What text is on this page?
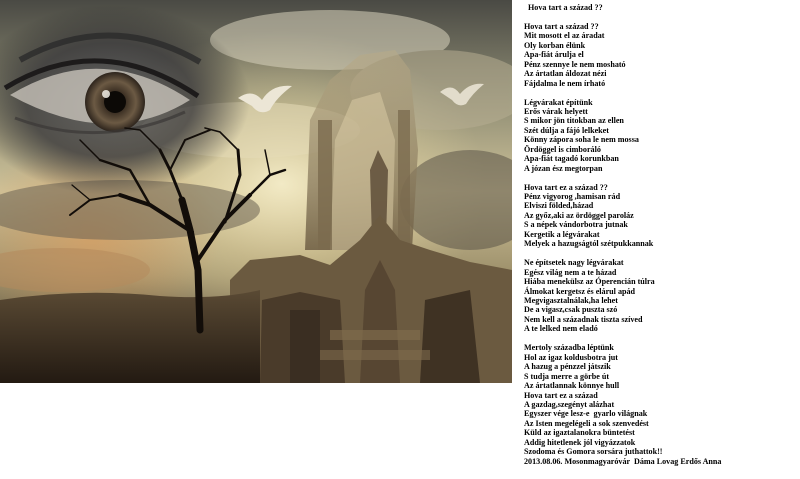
Hova tart a század ??
Hova tart a század ??
Mit mosott el az áradat
Oly korban élünk
Apa-fiát árulja el
Pénz szennye le nem mosható
Az ártatlan áldozat nézi
Fájdalma le nem írható
Légvárakat építünk
Erős várak helyett
S mikor jön titokban az ellen
Szét dúlja a fájó lelkeket
Könny zápora soha le nem mossa
Ördöggel is cimboráló
Apa-fiát tagadó korunkban
A józan ész megtorpan
Hova tart ez a század ??
Pénz vigyorog ,hamisan rád
Elviszi földed,házad
Az győz,aki az ördöggel paroláz
S a népek vándorbotra jutnak
Kergetik a légvárakat
Melyek a hazugságtól szétpukkannak
Ne építsetek nagy légvárakat
Egész világ nem a te házad
Hiába menekülsz az Óperencián túlra
Álmokat kergetsz és elárul apád
Megvigasztalnálak,ha lehet
De a vigasz,csak puszta szó
Nem kell a századnak tiszta szíved
A te lelked nem eladó
Mertoly századba léptünk
Hol az igaz koldusbotra jut
A hazug a pénzzel játszik
S tudja merre a görbe út
Az ártatlannak könnye hull
Hova tart ez a század
A gazdag,szegényt alázhat
Egyszer vége lesz-e  gyarlo világnak
Az Isten megelégeli a sok szenvedést
Küld az igaztalanokra büntetést
Addig hitetlenek jól vigyázzatok
Szodoma és Gomora sorsára juthattok!!
2013.08.06. Mosonmagyaróvár  Dáma Lovag Erdős Anna
